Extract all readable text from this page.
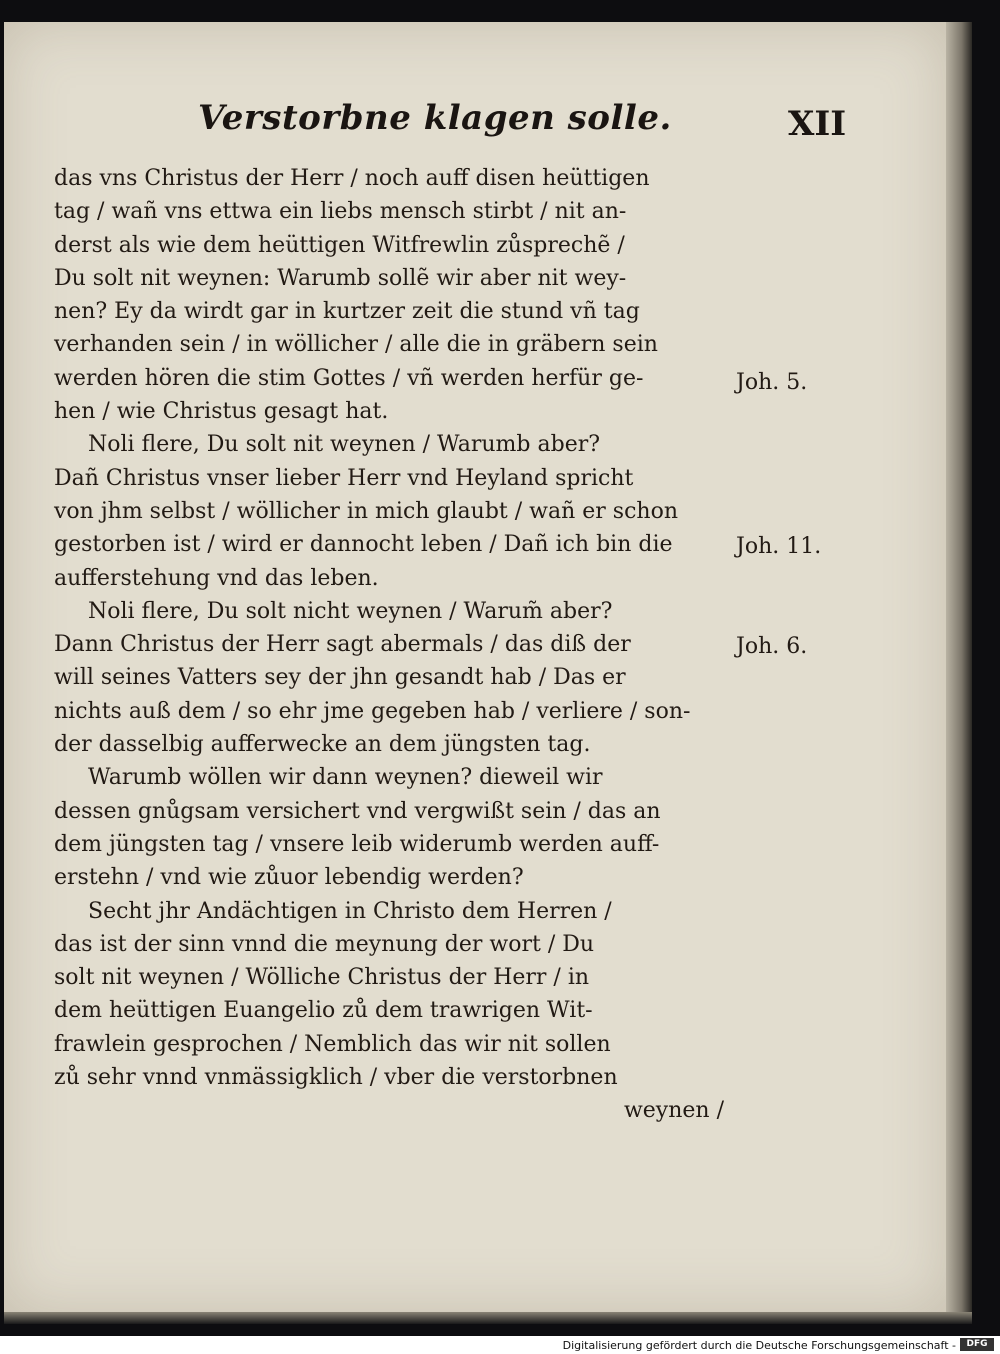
Verstorbne klagen solle.	XII
das vns Christus der Herr / noch auff disen heüttigen
tag / wañ vns ettwa ein liebs mensch stirbt / nit an-
derst als wie dem heüttigen Witfrewlin zůsprechẽ /
Du solt nit weynen: Warumb sollẽ wir aber nit wey-
nen? Ey da wirdt gar in kurtzer zeit die stund vñ tag
verhanden sein / in wöllicher / alle die in gräbern sein
werden hören die stim Gottes / vñ werden herfür ge-
hen / wie Christus gesagt hat.
Noli flere, Du solt nit weynen / Warumb aber?
Dañ Christus vnser lieber Herr vnd Heyland spricht
von jhm selbst / wöllicher in mich glaubt / wañ er schon
gestorben ist / wird er dannocht leben / Dañ ich bin die
aufferstehung vnd das leben.
Noli flere, Du solt nicht weynen / Warum̃ aber?
Dann Christus der Herr sagt abermals / das diß der
will seines Vatters sey der jhn gesandt hab / Das er
nichts auß dem / so ehr jme gegeben hab / verliere / son-
der dasselbig aufferwecke an dem jüngsten tag.
Warumb wöllen wir dann weynen? dieweil wir
dessen gnůgsam versichert vnd vergwißt sein / das an
dem jüngsten tag / vnsere leib widerumb werden auff-
erstehn / vnd wie zůuor lebendig werden?
Secht jhr Andächtigen in Christo dem Herren /
das ist der sinn vnnd die meynung der wort / Du
solt nit weynen / Wölliche Christus der Herr / in
dem heüttigen Euangelio zů dem trawrigen Wit-
frawlein gesprochen / Nemblich das wir nit sollen
zů sehr vnnd vnmässigklich / vber die verstorbnen
weynen /
Joh. 5.
Joh. 11.
Joh. 6.
Digitalisierung gefördert durch die Deutsche Forschungsgemeinschaft -	DFG
